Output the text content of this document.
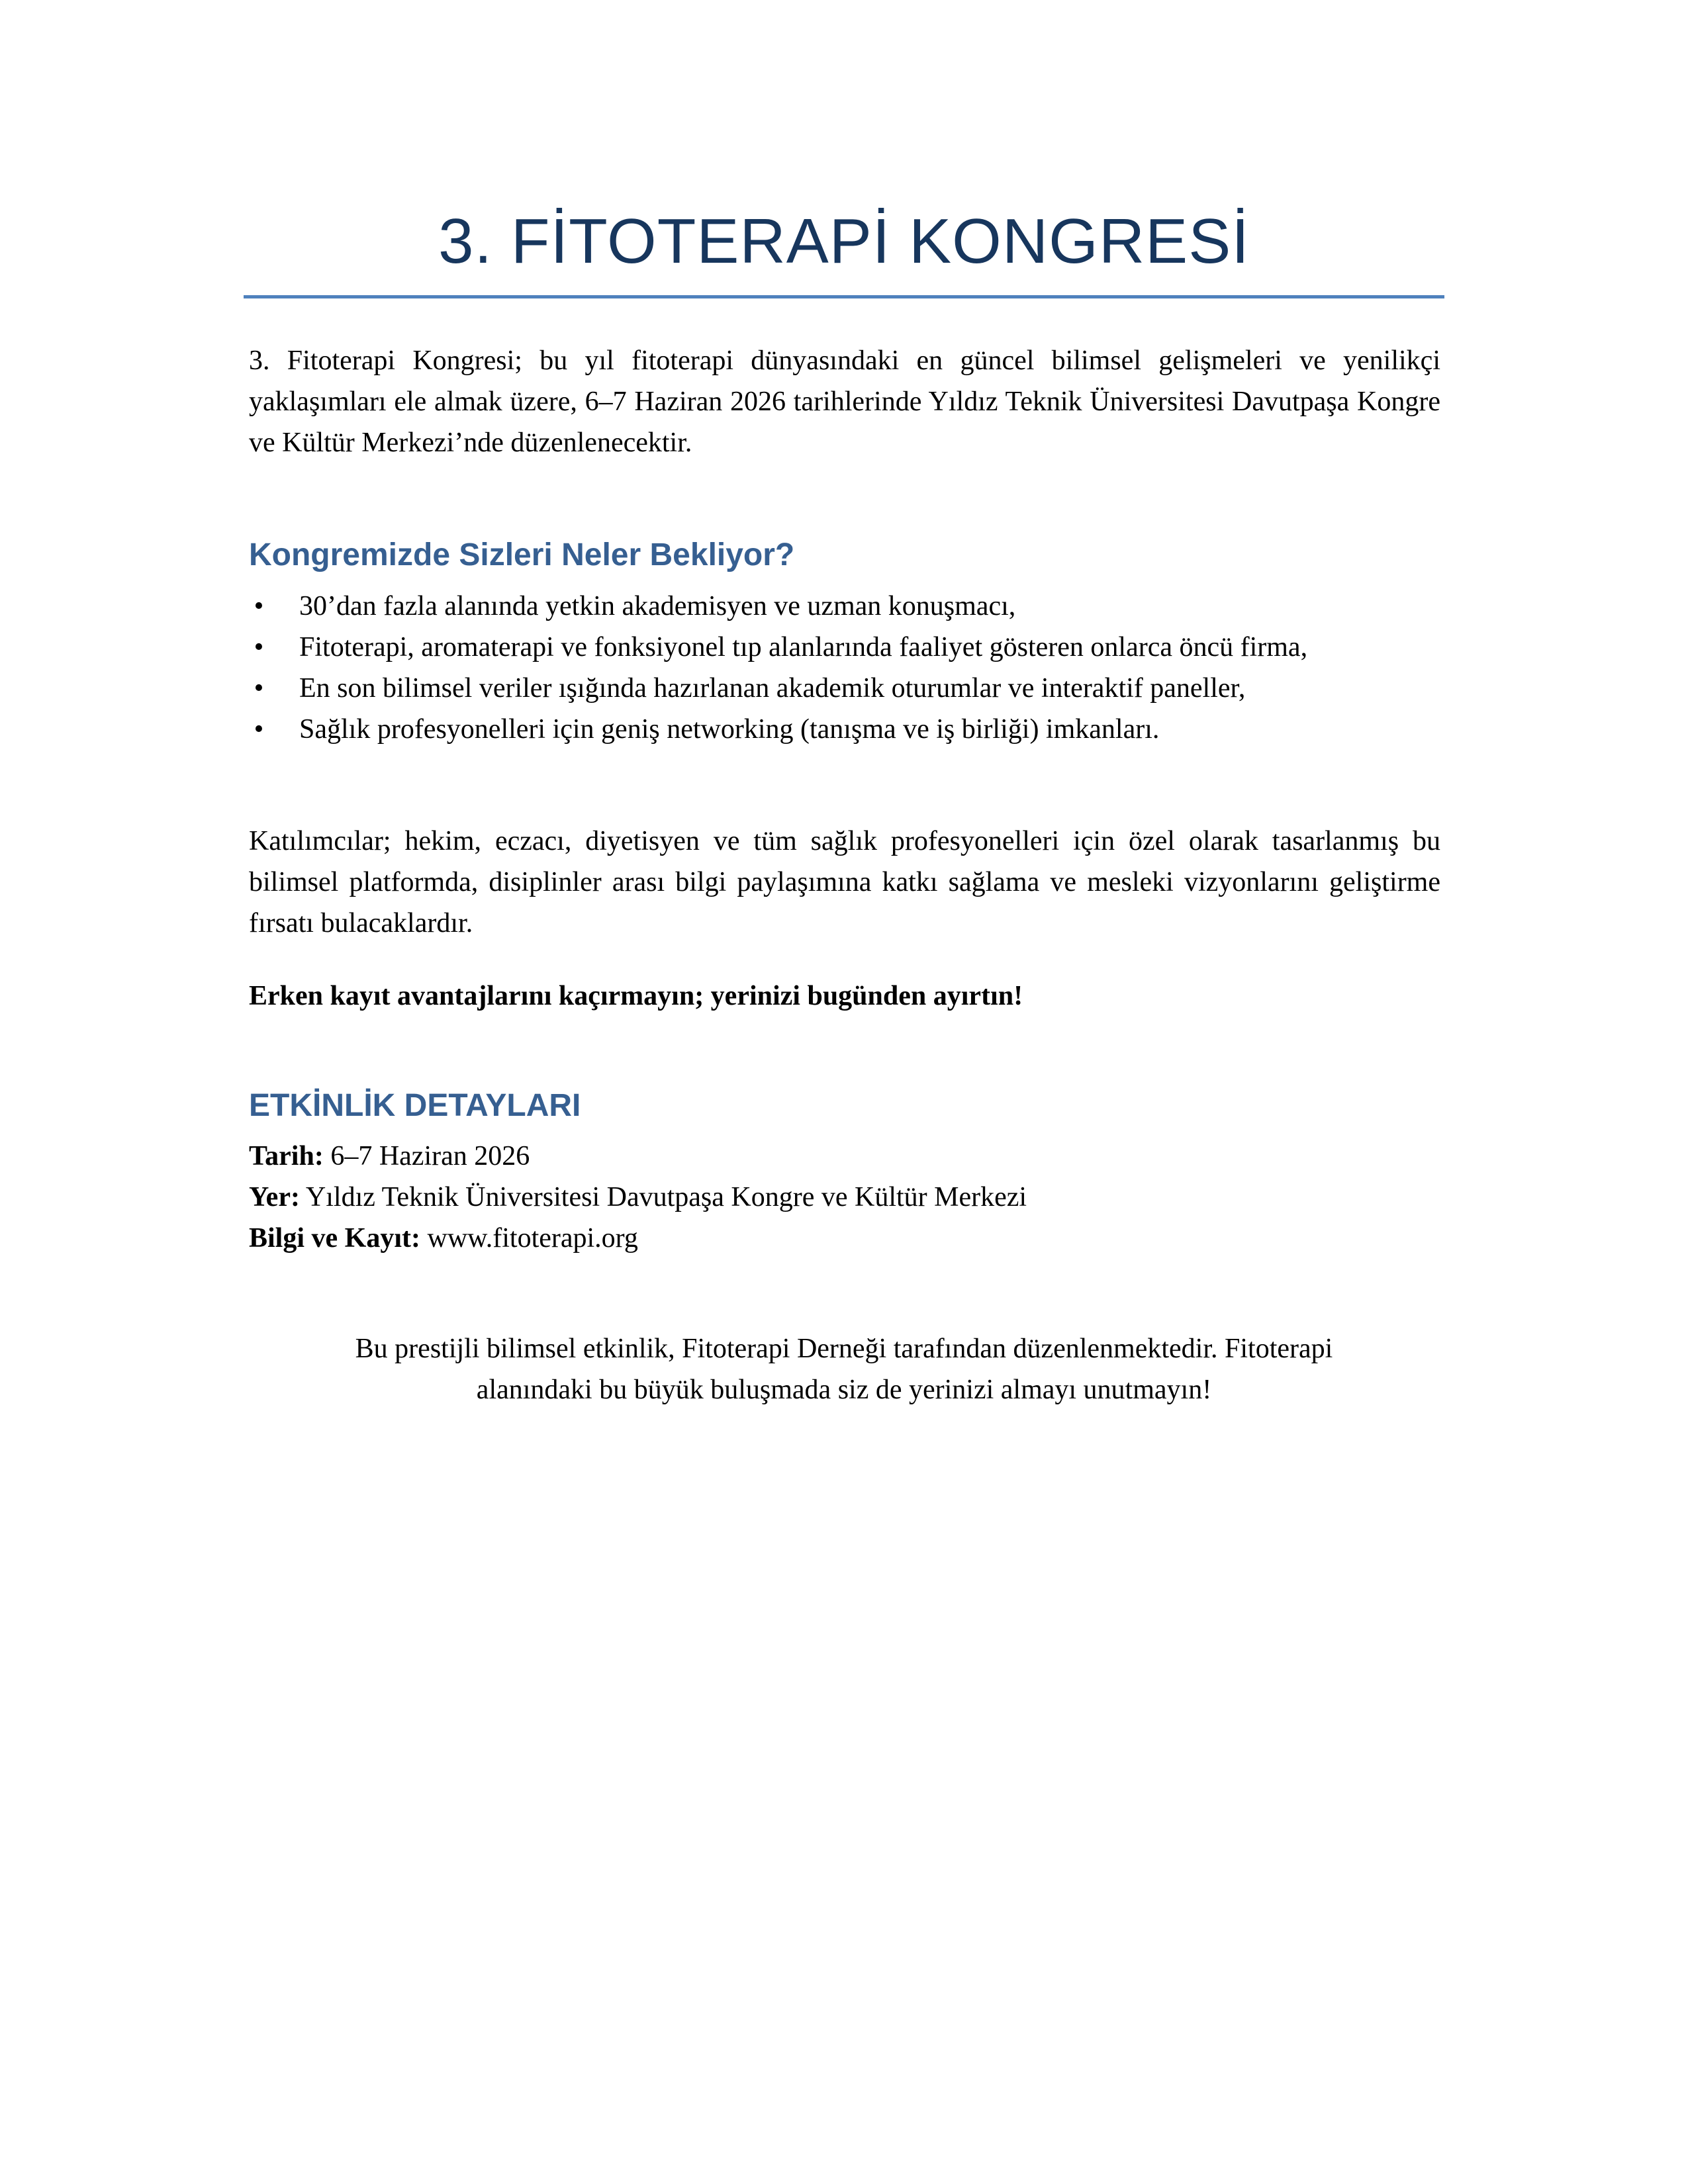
3. FİTOTERAPİ KONGRESİ

3. Fitoterapi Kongresi; bu yıl fitoterapi dünyasındaki en güncel bilimsel gelişmeleri ve yenilikçi yaklaşımları ele almak üzere, 6–7 Haziran 2026 tarihlerinde Yıldız Teknik Üniversitesi Davutpaşa Kongre ve Kültür Merkezi’nde düzenlenecektir.

Kongremizde Sizleri Neler Bekliyor?
• 30’dan fazla alanında yetkin akademisyen ve uzman konuşmacı,
• Fitoterapi, aromaterapi ve fonksiyonel tıp alanlarında faaliyet gösteren onlarca öncü firma,
• En son bilimsel veriler ışığında hazırlanan akademik oturumlar ve interaktif paneller,
• Sağlık profesyonelleri için geniş networking (tanışma ve iş birliği) imkanları.

Katılımcılar; hekim, eczacı, diyetisyen ve tüm sağlık profesyonelleri için özel olarak tasarlanmış bu bilimsel platformda, disiplinler arası bilgi paylaşımına katkı sağlama ve mesleki vizyonlarını geliştirme fırsatı bulacaklardır.

Erken kayıt avantajlarını kaçırmayın; yerinizi bugünden ayırtın!

ETKİNLİK DETAYLARI
Tarih: 6–7 Haziran 2026
Yer: Yıldız Teknik Üniversitesi Davutpaşa Kongre ve Kültür Merkezi
Bilgi ve Kayıt: www.fitoterapi.org

Bu prestijli bilimsel etkinlik, Fitoterapi Derneği tarafından düzenlenmektedir. Fitoterapi
alanındaki bu büyük buluşmada siz de yerinizi almayı unutmayın!
